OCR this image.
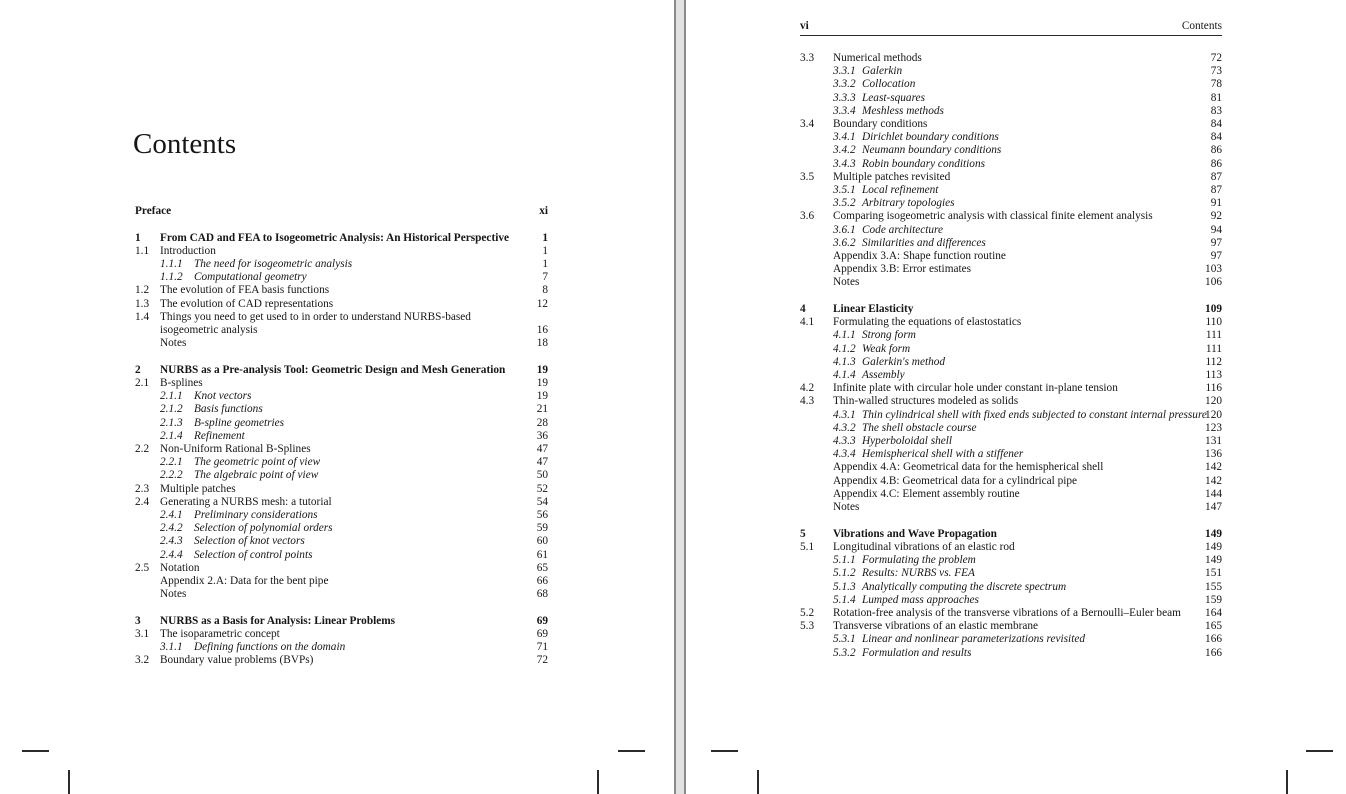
Contents
Preface	xi
1	From CAD and FEA to Isogeometric Analysis: An Historical Perspective	1
1.1 Introduction	1
1.1.1	The need for isogeometric analysis	1
1.1.2	Computational geometry	7
1.2 The evolution of FEA basis functions	8
1.3 The evolution of CAD representations	12
1.4 Things you need to get used to in order to understand NURBS-based
isogeometric analysis	16
Notes	18
2	NURBS as a Pre-analysis Tool: Geometric Design and Mesh Generation	19
2.1 B-splines	19
2.1.1	Knot vectors	19
2.1.2	Basis functions	21
2.1.3	B-spline geometries	28
2.1.4	Refinement	36
2.2 Non-Uniform Rational B-Splines	47
2.2.1	The geometric point of view	47
2.2.2	The algebraic point of view	50
2.3 Multiple patches	52
2.4 Generating a NURBS mesh: a tutorial	54
2.4.1	Preliminary considerations	56
2.4.2	Selection of polynomial orders	59
2.4.3	Selection of knot vectors	60
2.4.4	Selection of control points	61
2.5 Notation	65
Appendix 2.A: Data for the bent pipe	66
Notes	68
3	NURBS as a Basis for Analysis: Linear Problems	69
3.1 The isoparametric concept	69
3.1.1	Defining functions on the domain	71
3.2 Boundary value problems (BVPs)	72
vi	Contents
3.3	Numerical methods	72
3.3.1 Galerkin	73
3.3.2 Collocation	78
3.3.3 Least-squares	81
3.3.4 Meshless methods	83
3.4	Boundary conditions	84
3.4.1 Dirichlet boundary conditions	84
3.4.2 Neumann boundary conditions	86
3.4.3 Robin boundary conditions	86
3.5	Multiple patches revisited	87
3.5.1 Local refinement	87
3.5.2 Arbitrary topologies	91
3.6	Comparing isogeometric analysis with classical finite element analysis	92
3.6.1 Code architecture	94
3.6.2 Similarities and differences	97
Appendix 3.A: Shape function routine	97
Appendix 3.B: Error estimates	103
Notes	106
4	Linear Elasticity	109
4.1	Formulating the equations of elastostatics	110
4.1.1 Strong form	111
4.1.2 Weak form	111
4.1.3 Galerkin's method	112
4.1.4 Assembly	113
4.2	Infinite plate with circular hole under constant in-plane tension	116
4.3	Thin-walled structures modeled as solids	120
4.3.1 Thin cylindrical shell with fixed ends subjected to constant internal pressure
120
4.3.2 The shell obstacle course	123
4.3.3 Hyperboloidal shell	131
4.3.4 Hemispherical shell with a stiffener	136
Appendix 4.A: Geometrical data for the hemispherical shell	142
Appendix 4.B: Geometrical data for a cylindrical pipe	142
Appendix 4.C: Element assembly routine	144
Notes	147
5	Vibrations and Wave Propagation	149
5.1	Longitudinal vibrations of an elastic rod	149
5.1.1 Formulating the problem	149
5.1.2 Results: NURBS vs. FEA	151
5.1.3 Analytically computing the discrete spectrum	155
5.1.4 Lumped mass approaches	159
5.2	Rotation-free analysis of the transverse vibrations of a Bernoulli–Euler beam 164
5.3	Transverse vibrations of an elastic membrane	165
5.3.1 Linear and nonlinear parameterizations revisited	166
5.3.2 Formulation and results	166
